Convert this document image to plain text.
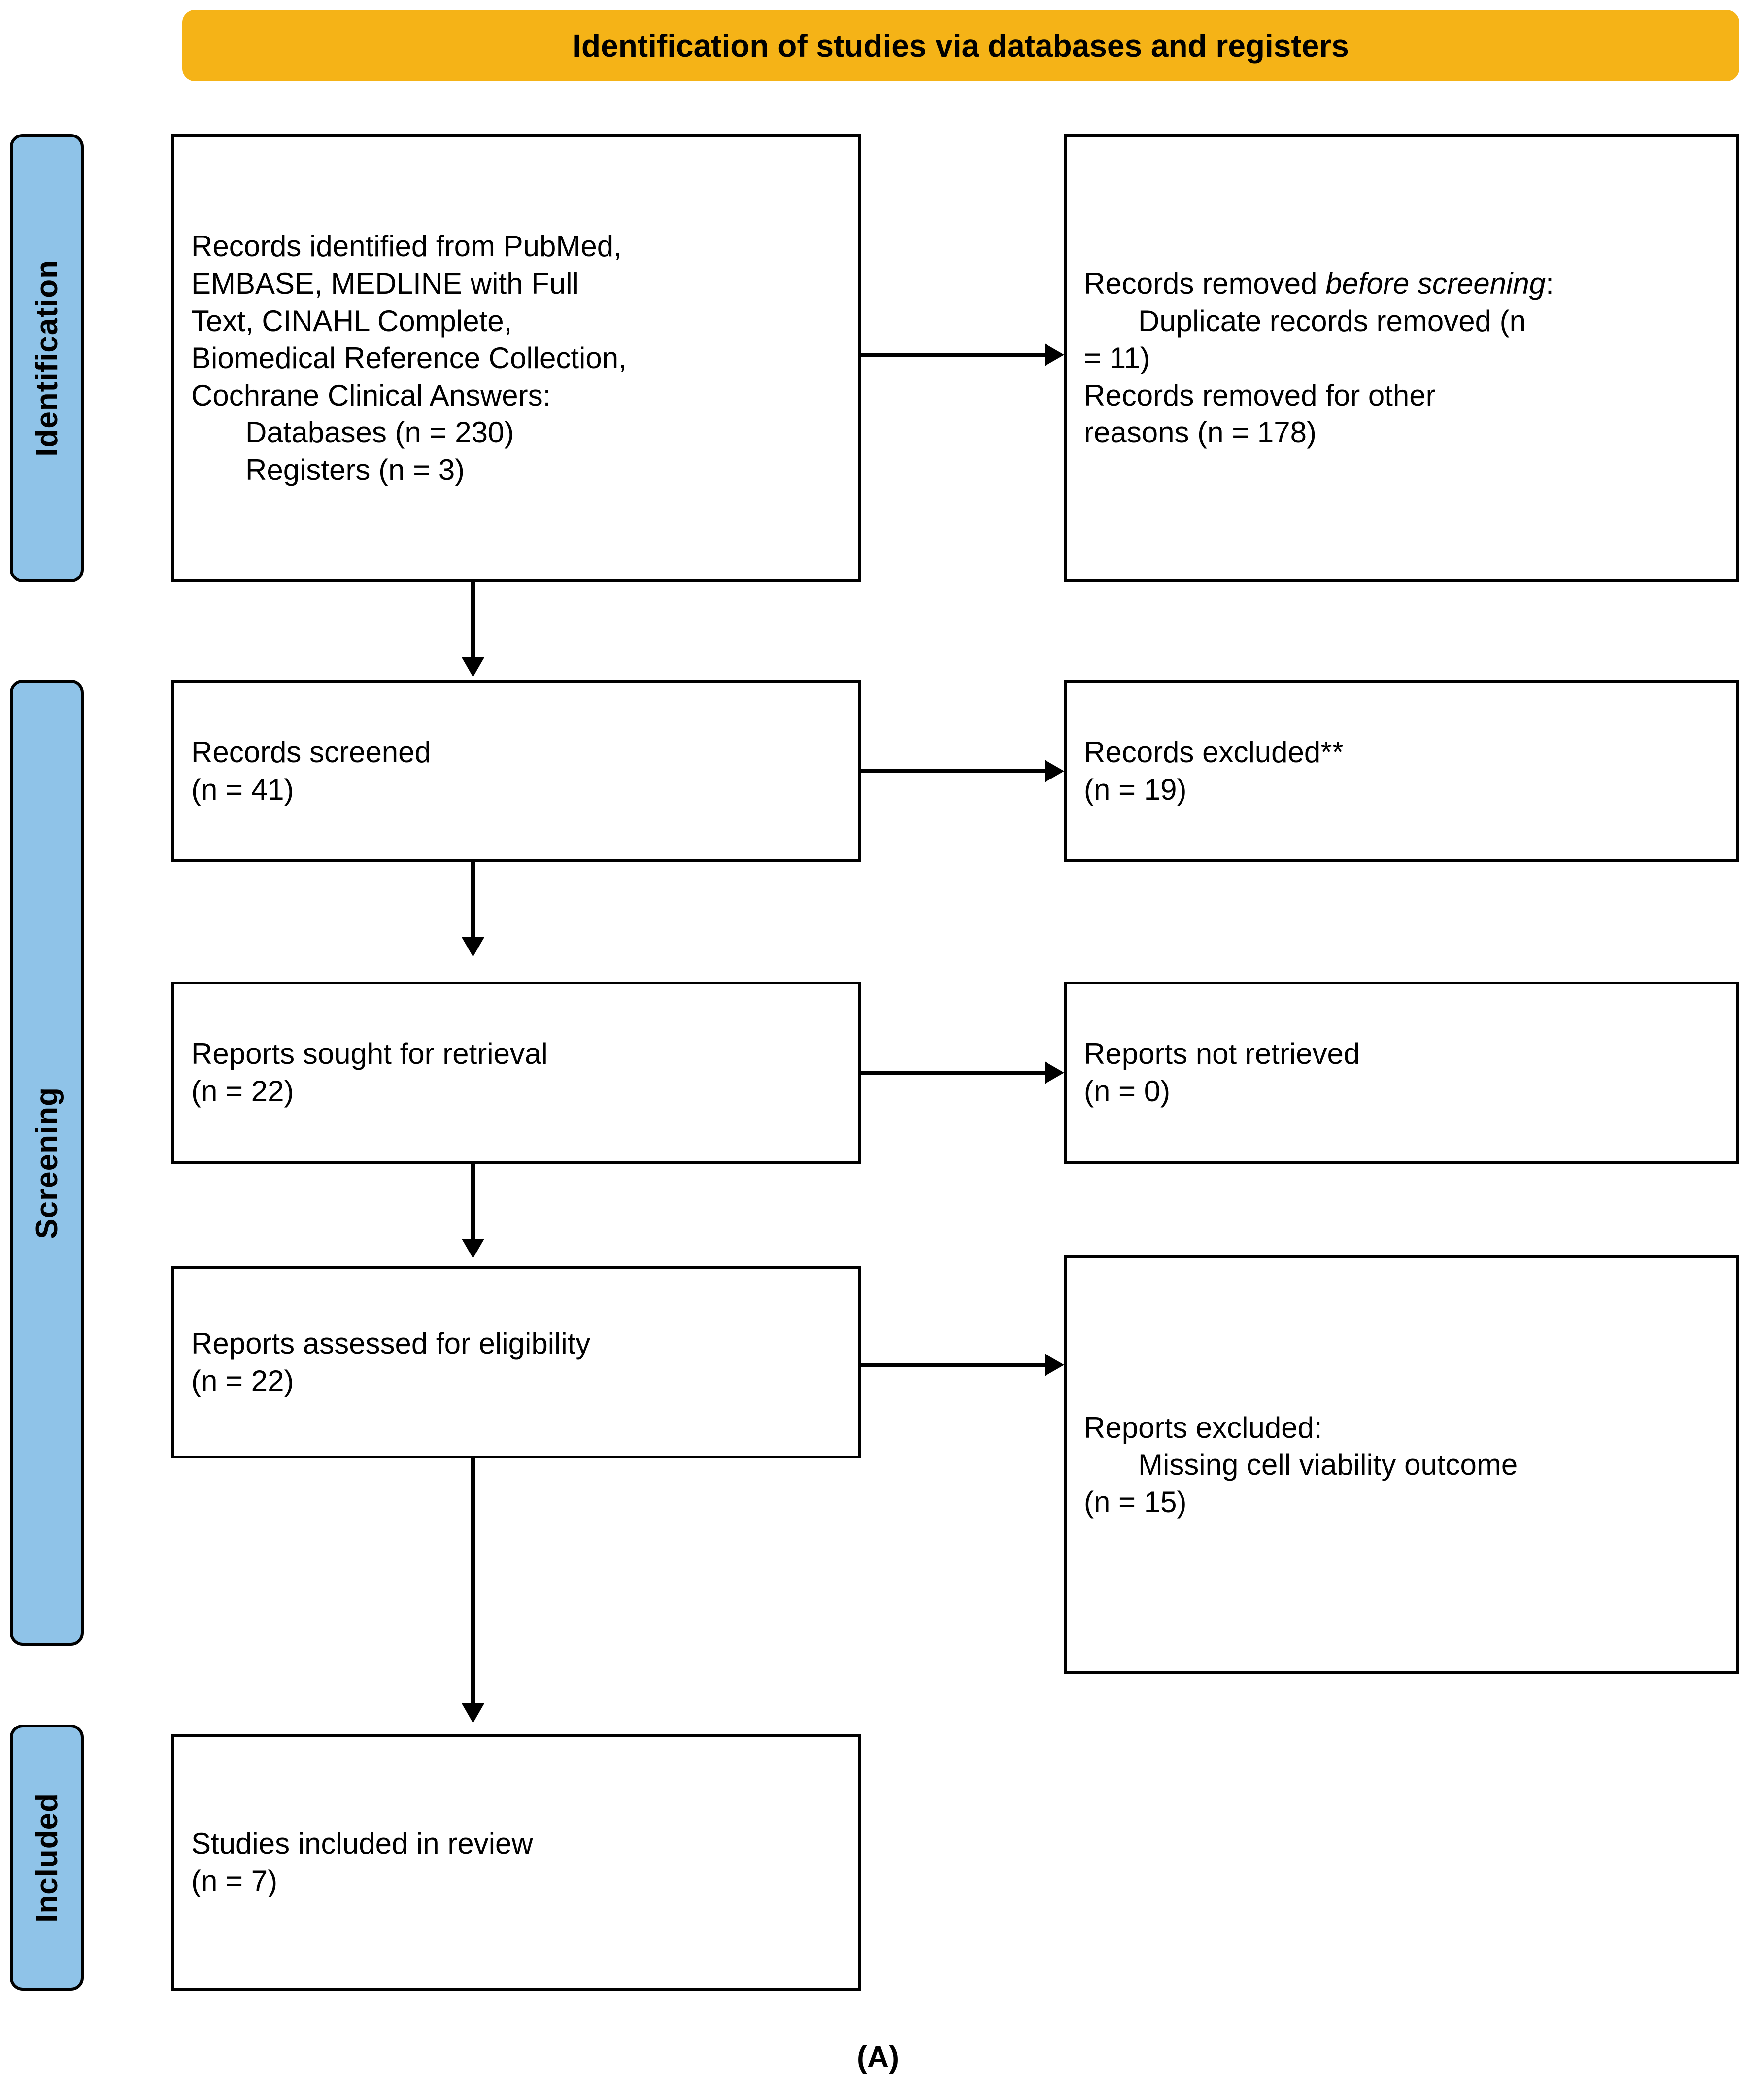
Identification of studies via databases and registers
Identification
Screening
Included

Records identified from PubMed,

EMBASE, MEDLINE with Full

Text, CINAHL Complete,

Biomedical Reference Collection,

Cochrane Clinical Answers:

Databases (n = 230)

Registers (n = 3)

Records removed before screening:

Duplicate records removed (n

= 11)

Records removed for other

reasons (n = 178)

Records screened

(n = 41)

Records excluded**

(n = 19)

Reports sought for retrieval

(n = 22)

Reports not retrieved

(n = 0)

Reports assessed for eligibility

(n = 22)

Reports excluded:

Missing cell viability outcome

(n = 15)

Studies included in review

(n = 7)

(A)
